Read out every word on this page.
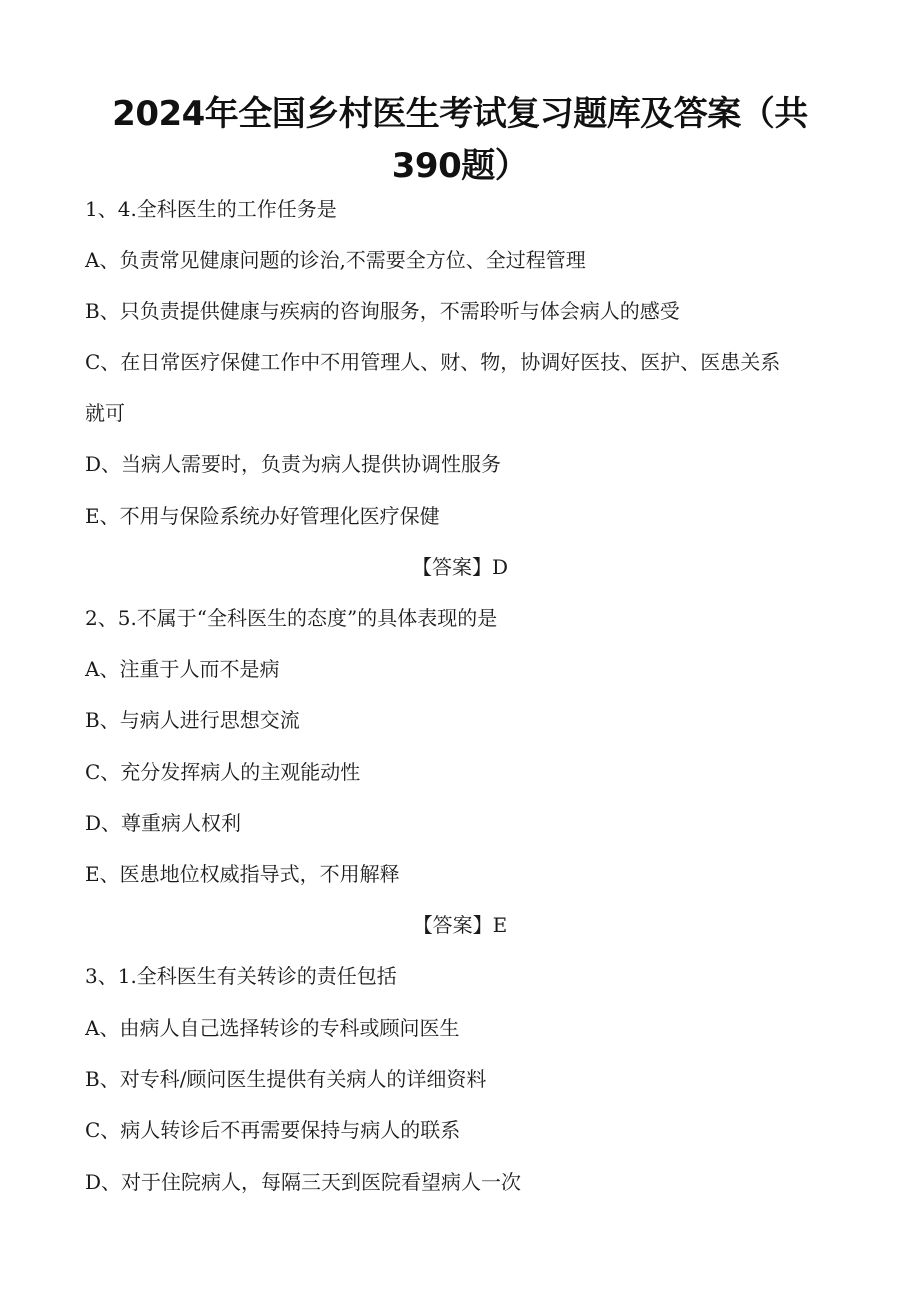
2024年全国乡村医生考试复习题库及答案（共
390题）
1、4.全科医生的工作任务是
A、负责常见健康问题的诊治,不需要全方位、全过程管理
B、只负责提供健康与疾病的咨询服务，不需聆听与体会病人的感受
C、在日常医疗保健工作中不用管理人、财、物，协调好医技、医护、医患关系
就可
D、当病人需要时，负责为病人提供协调性服务
E、不用与保险系统办好管理化医疗保健
【答案】D
2、5.不属于“全科医生的态度”的具体表现的是
A、注重于人而不是病
B、与病人进行思想交流
C、充分发挥病人的主观能动性
D、尊重病人权利
E、医患地位权威指导式，不用解释
【答案】E
3、1.全科医生有关转诊的责任包括
A、由病人自己选择转诊的专科或顾问医生
B、对专科/顾问医生提供有关病人的详细资料
C、病人转诊后不再需要保持与病人的联系
D、对于住院病人，每隔三天到医院看望病人一次
